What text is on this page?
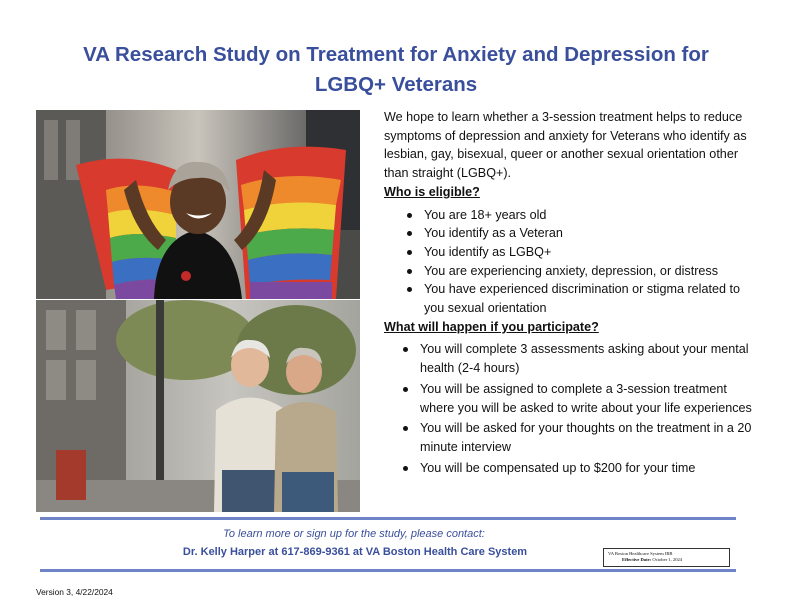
VA Research Study on Treatment for Anxiety and Depression for
LGBQ+ Veterans

We hope to learn whether a 3-session treatment helps to reduce symptoms of depression and anxiety for Veterans who identify as lesbian, gay, bisexual, queer or another sexual orientation other than straight (LGBQ+).

Who is eligible?

You are 18+ years old
You identify as a Veteran
You identify as LGBQ+
You are experiencing anxiety, depression, or distress
You have experienced discrimination or stigma related to you sexual orientation

What will happen if you participate?

You will complete 3 assessments asking about your mental health (2-4 hours)
You will be assigned to complete a 3-session treatment where you will be asked to write about your life experiences
You will be asked for your thoughts on the treatment in a 20 minute interview
You will be compensated up to $200 for your time
To learn more or sign up for the study, please contact:
Dr. Kelly Harper at 617-869-9361 at VA Boston Health Care System	VA Boston Healthcare System IRB
Effective Date: October 1, 2024
Version 3, 4/22/2024
